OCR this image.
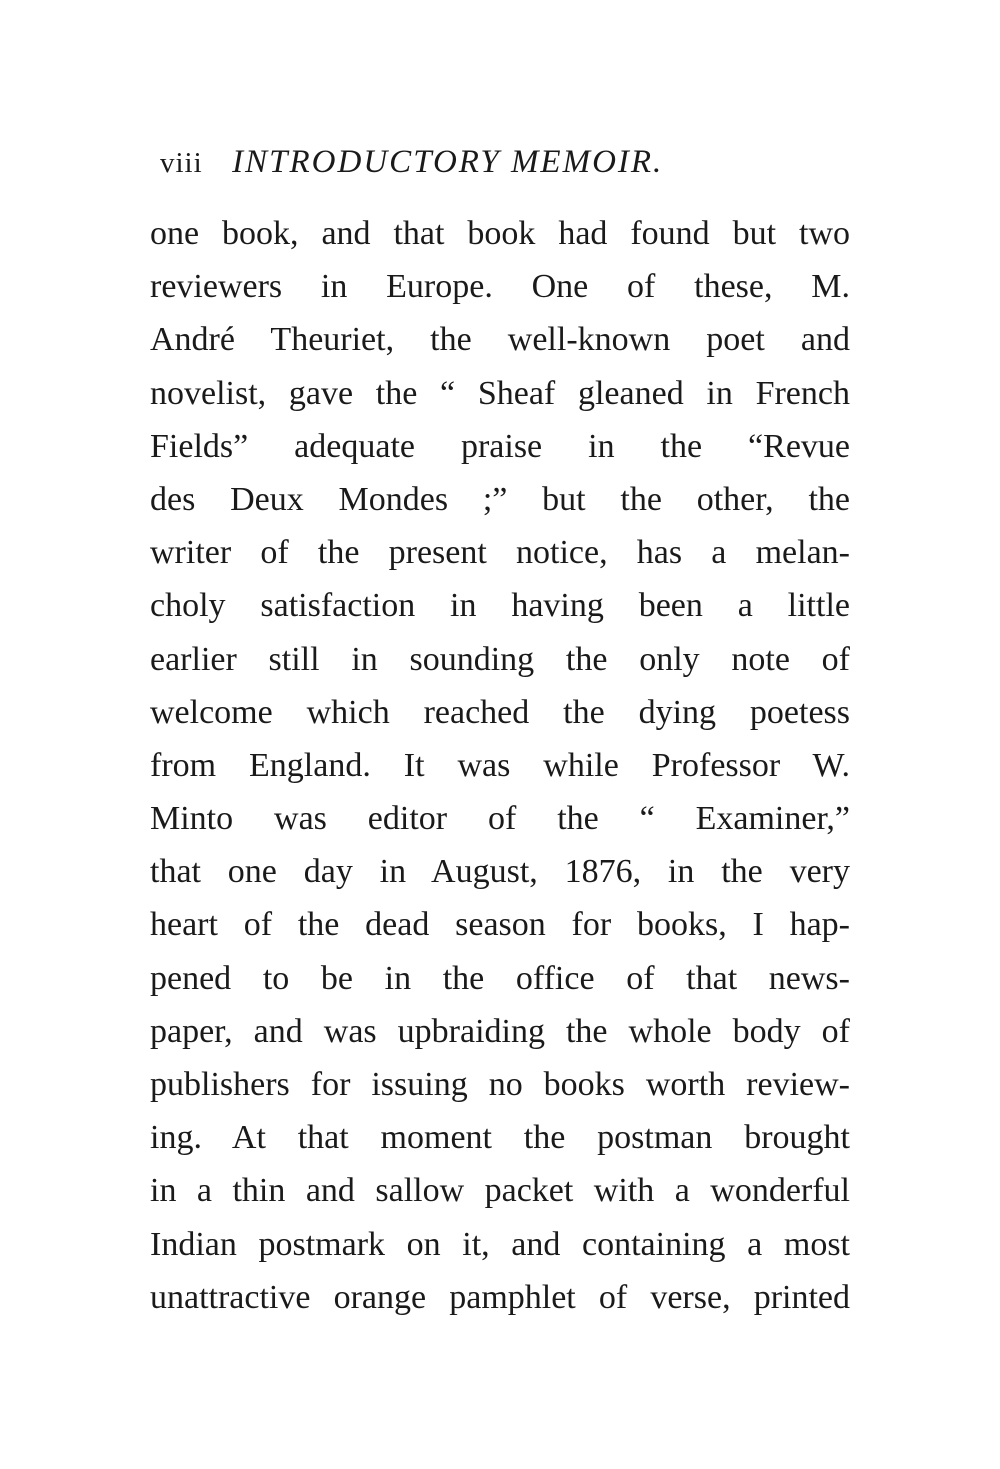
viii INTRODUCTORY MEMOIR.
one book, and that book had found but two
reviewers in Europe. One of these, M.
André Theuriet, the well-known poet and
novelist, gave the “ Sheaf gleaned in French
Fields” adequate praise in the “Revue
des Deux Mondes ;” but the other, the
writer of the present notice, has a melan-
choly satisfaction in having been a little
earlier still in sounding the only note of
welcome which reached the dying poetess
from England. It was while Professor W.
Minto was editor of the “ Examiner,”
that one day in August, 1876, in the very
heart of the dead season for books, I hap-
pened to be in the office of that news-
paper, and was upbraiding the whole body of
publishers for issuing no books worth review-
ing. At that moment the postman brought
in a thin and sallow packet with a wonderful
Indian postmark on it, and containing a most
unattractive orange pamphlet of verse, printed
